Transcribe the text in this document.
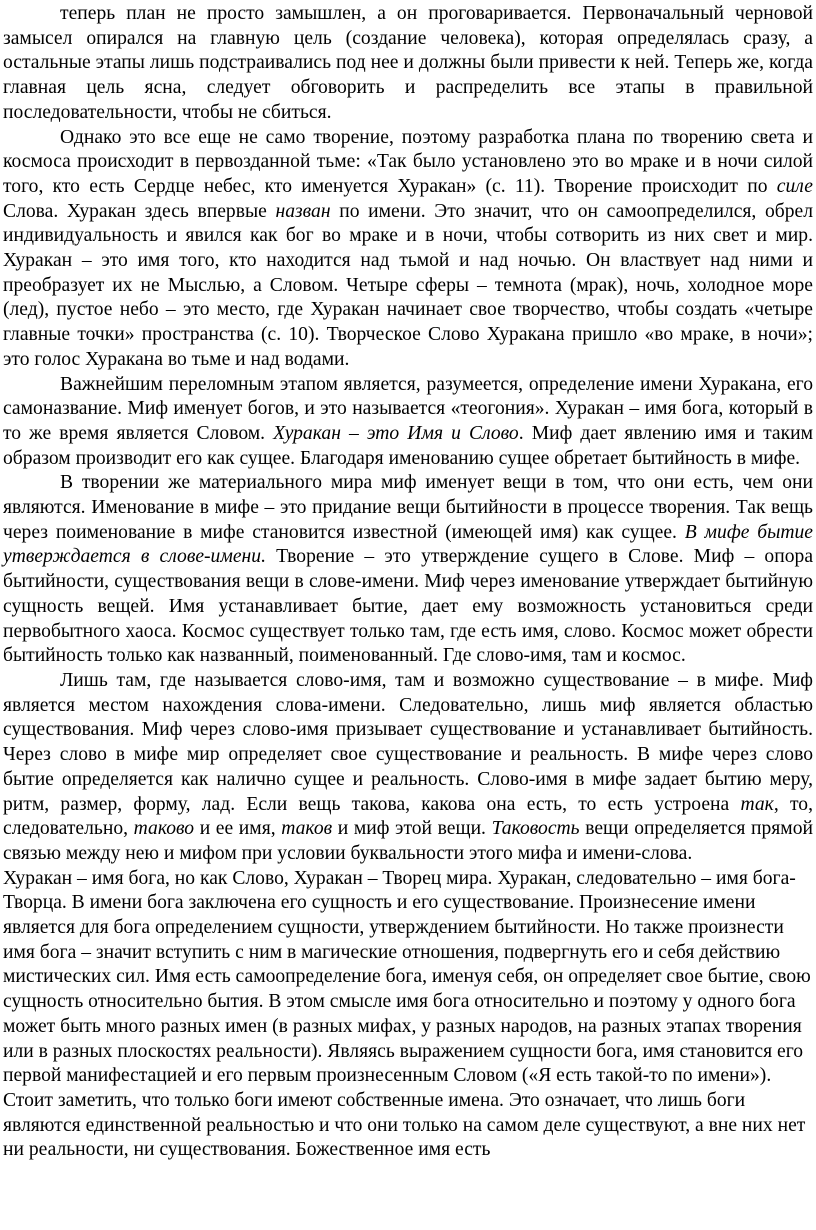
теперь план не просто замышлен, а он проговаривается. Первоначальный черновой замысел опирался на главную цель (создание человека), которая определялась сразу, а остальные этапы лишь подстраивались под нее и должны были привести к ней. Теперь же, когда главная цель ясна, следует обговорить и распределить все этапы в правильной последовательности, чтобы не сбиться.

Однако это все еще не само творение, поэтому разработка плана по творению света и космоса происходит в первозданной тьме: «Так было установлено это во мраке и в ночи силой того, кто есть Сердце небес, кто именуется Хуракан» (с. 11). Творение происходит по силе Слова. Хуракан здесь впервые назван по имени. Это значит, что он самоопределился, обрел индивидуальность и явился как бог во мраке и в ночи, чтобы сотворить из них свет и мир. Хуракан – это имя того, кто находится над тьмой и над ночью. Он властвует над ними и преобразует их не Мыслью, а Словом. Четыре сферы – темнота (мрак), ночь, холодное море (лед), пустое небо – это место, где Хуракан начинает свое творчество, чтобы создать «четыре главные точки» пространства (с. 10). Творческое Слово Хуракана пришло «во мраке, в ночи»; это голос Хуракана во тьме и над водами.

Важнейшим переломным этапом является, разумеется, определение имени Хуракана, его самоназвание. Миф именует богов, и это называется «теогония». Хуракан – имя бога, который в то же время является Словом. Хуракан – это Имя и Слово. Миф дает явлению имя и таким образом производит его как сущее. Благодаря именованию сущее обретает бытийность в мифе.

В творении же материального мира миф именует вещи в том, что они есть, чем они являются. Именование в мифе – это придание вещи бытийности в процессе творения. Так вещь через поименование в мифе становится известной (имеющей имя) как сущее. В мифе бытие утверждается в слове-имени. Творение – это утверждение сущего в Слове. Миф – опора бытийности, существования вещи в слове-имени. Миф через именование утверждает бытийную сущность вещей. Имя устанавливает бытие, дает ему возможность установиться среди первобытного хаоса. Космос существует только там, где есть имя, слово. Космос может обрести бытийность только как названный, поименованный. Где слово-имя, там и космос.

Лишь там, где называется слово-имя, там и возможно существование – в мифе. Миф является местом нахождения слова-имени. Следовательно, лишь миф является областью существования. Миф через слово-имя призывает существование и устанавливает бытийность. Через слово в мифе мир определяет свое существование и реальность. В мифе через слово бытие определяется как налично сущее и реальность. Слово-имя в мифе задает бытию меру, ритм, размер, форму, лад. Если вещь такова, какова она есть, то есть устроена так, то, следовательно, таково и ее имя, таков и миф этой вещи. Таковость вещи определяется прямой связью между нею и мифом при условии буквальности этого мифа и имени-слова.

Хуракан – имя бога, но как Слово, Хуракан – Творец мира. Хуракан, следовательно – имя бога-Творца. В имени бога заключена его сущность и его существование. Произнесение имени является для бога определением сущности, утверждением бытийности. Но также произнести имя бога – значит вступить с ним в магические отношения, подвергнуть его и себя действию мистических сил. Имя есть самоопределение бога, именуя себя, он определяет свое бытие, свою сущность относительно бытия. В этом смысле имя бога относительно и поэтому у одного бога может быть много разных имен (в разных мифах, у разных народов, на разных этапах творения или в разных плоскостях реальности). Являясь выражением сущности бога, имя становится его первой манифестацией и его первым произнесенным Словом («Я есть такой-то по имени»). Стоит заметить, что только боги имеют собственные имена. Это означает, что лишь боги являются единственной реальностью и что они только на самом деле существуют, а вне них нет ни реальности, ни существования. Божественное имя есть
